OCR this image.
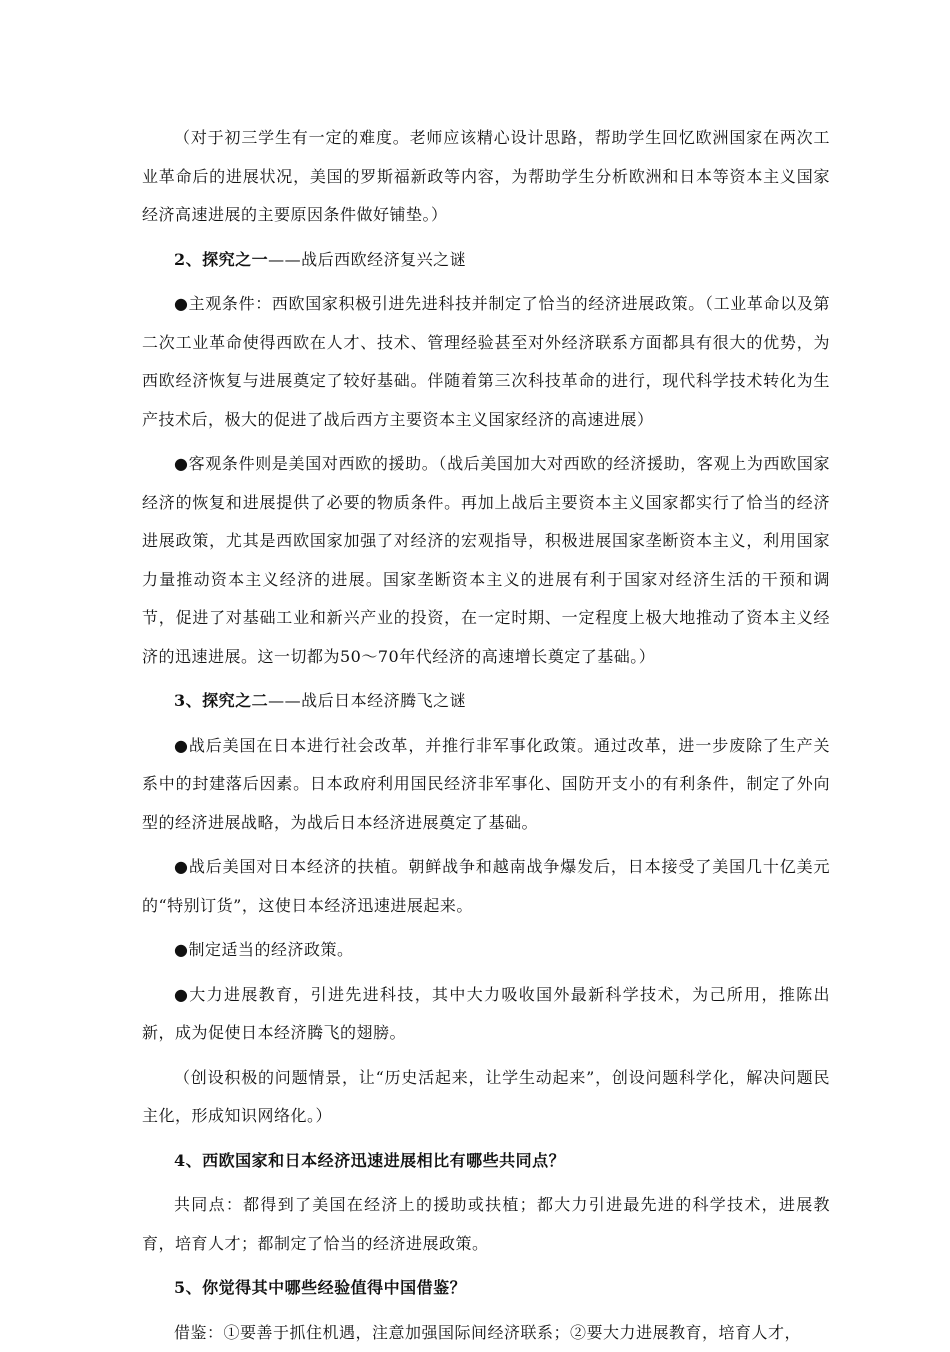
（对于初三学生有一定的难度。老师应该精心设计思路，帮助学生回忆欧洲国家在两次工业革命后的进展状况，美国的罗斯福新政等内容，为帮助学生分析欧洲和日本等资本主义国家经济高速进展的主要原因条件做好铺垫。）

2、探究之一——战后西欧经济复兴之谜

●主观条件：西欧国家积极引进先进科技并制定了恰当的经济进展政策。（工业革命以及第二次工业革命使得西欧在人才、技术、管理经验甚至对外经济联系方面都具有很大的优势，为西欧经济恢复与进展奠定了较好基础。伴随着第三次科技革命的进行，现代科学技术转化为生产技术后，极大的促进了战后西方主要资本主义国家经济的高速进展）

●客观条件则是美国对西欧的援助。（战后美国加大对西欧的经济援助，客观上为西欧国家经济的恢复和进展提供了必要的物质条件。再加上战后主要资本主义国家都实行了恰当的经济进展政策，尤其是西欧国家加强了对经济的宏观指导，积极进展国家垄断资本主义，利用国家力量推动资本主义经济的进展。国家垄断资本主义的进展有利于国家对经济生活的干预和调节，促进了对基础工业和新兴产业的投资，在一定时期、一定程度上极大地推动了资本主义经济的迅速进展。这一切都为50～70年代经济的高速增长奠定了基础。）

3、探究之二——战后日本经济腾飞之谜

●战后美国在日本进行社会改革，并推行非军事化政策。通过改革，进一步废除了生产关系中的封建落后因素。日本政府利用国民经济非军事化、国防开支小的有利条件，制定了外向型的经济进展战略，为战后日本经济进展奠定了基础。

●战后美国对日本经济的扶植。朝鲜战争和越南战争爆发后，日本接受了美国几十亿美元的“特别订货”，这使日本经济迅速进展起来。

●制定适当的经济政策。

●大力进展教育，引进先进科技，其中大力吸收国外最新科学技术，为己所用，推陈出新，成为促使日本经济腾飞的翅膀。

（创设积极的问题情景，让“历史活起来，让学生动起来”，创设问题科学化，解决问题民主化，形成知识网络化。）

4、西欧国家和日本经济迅速进展相比有哪些共同点？

共同点：都得到了美国在经济上的援助或扶植；都大力引进最先进的科学技术，进展教育，培育人才；都制定了恰当的经济进展政策。

5、你觉得其中哪些经验值得中国借鉴？

借鉴：①要善于抓住机遇，注意加强国际间经济联系；②要大力进展教育，培育人才，
